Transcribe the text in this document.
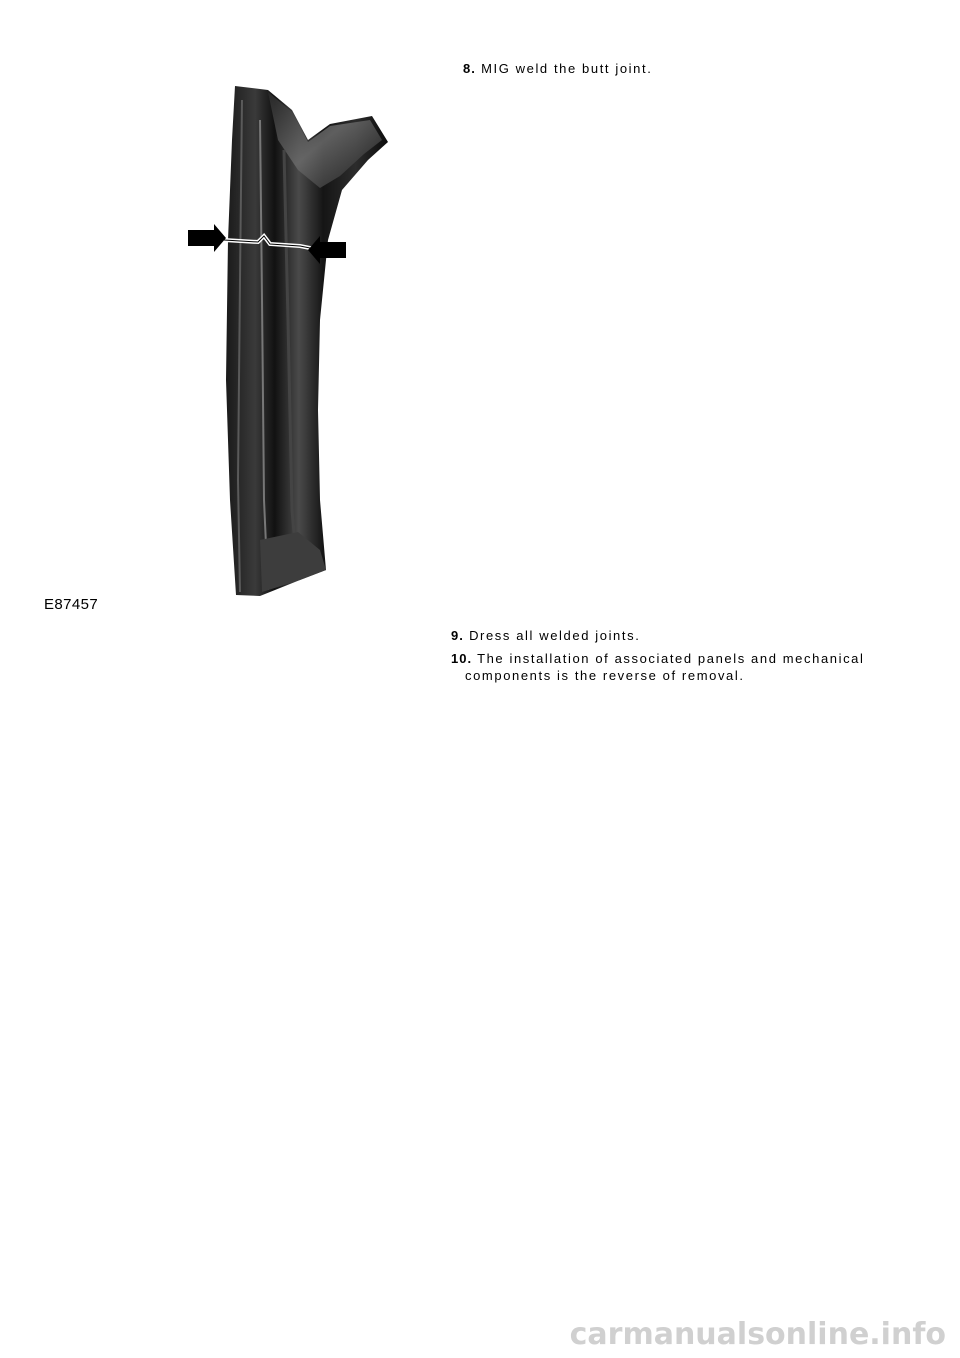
E87457
8. MIG weld the butt joint.
9. Dress all welded joints.
10. The installation of associated panels and mechanical
components is the reverse of removal.
carmanualsonline.info
